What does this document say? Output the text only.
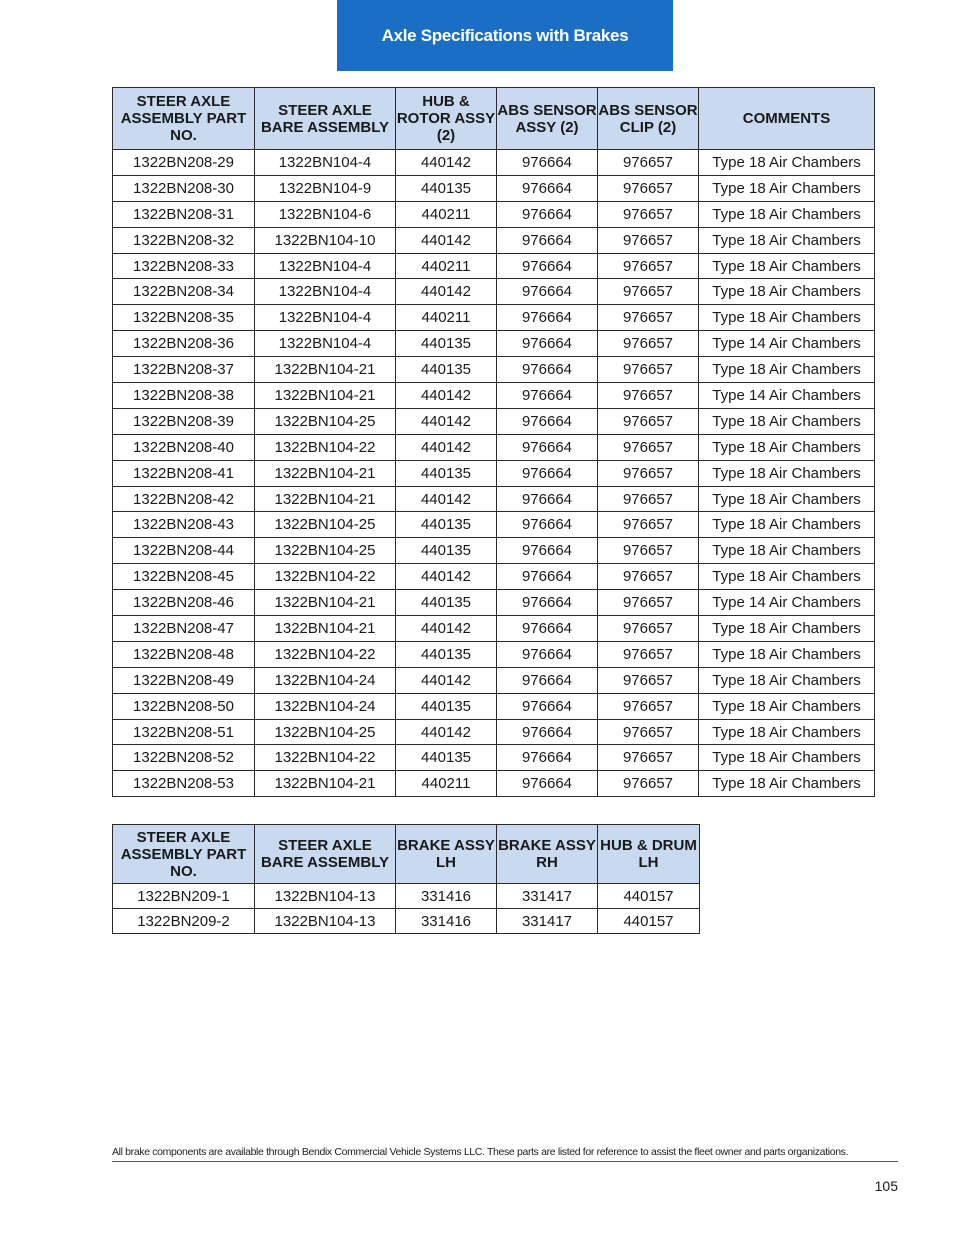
Axle Specifications with Brakes
STEER AXLE ASSEMBLY PART NO.	STEER AXLE BARE ASSEMBLY	HUB & ROTOR ASSY (2)	ABS SENSOR ASSY (2)	ABS SENSOR CLIP (2)	COMMENTS
1322BN208-29	1322BN104-4	440142	976664	976657	Type 18 Air Chambers
1322BN208-30	1322BN104-9	440135	976664	976657	Type 18 Air Chambers
1322BN208-31	1322BN104-6	440211	976664	976657	Type 18 Air Chambers
1322BN208-32	1322BN104-10	440142	976664	976657	Type 18 Air Chambers
1322BN208-33	1322BN104-4	440211	976664	976657	Type 18 Air Chambers
1322BN208-34	1322BN104-4	440142	976664	976657	Type 18 Air Chambers
1322BN208-35	1322BN104-4	440211	976664	976657	Type 18 Air Chambers
1322BN208-36	1322BN104-4	440135	976664	976657	Type 14 Air Chambers
1322BN208-37	1322BN104-21	440135	976664	976657	Type 18 Air Chambers
1322BN208-38	1322BN104-21	440142	976664	976657	Type 14 Air Chambers
1322BN208-39	1322BN104-25	440142	976664	976657	Type 18 Air Chambers
1322BN208-40	1322BN104-22	440142	976664	976657	Type 18 Air Chambers
1322BN208-41	1322BN104-21	440135	976664	976657	Type 18 Air Chambers
1322BN208-42	1322BN104-21	440142	976664	976657	Type 18 Air Chambers
1322BN208-43	1322BN104-25	440135	976664	976657	Type 18 Air Chambers
1322BN208-44	1322BN104-25	440135	976664	976657	Type 18 Air Chambers
1322BN208-45	1322BN104-22	440142	976664	976657	Type 18 Air Chambers
1322BN208-46	1322BN104-21	440135	976664	976657	Type 14 Air Chambers
1322BN208-47	1322BN104-21	440142	976664	976657	Type 18 Air Chambers
1322BN208-48	1322BN104-22	440135	976664	976657	Type 18 Air Chambers
1322BN208-49	1322BN104-24	440142	976664	976657	Type 18 Air Chambers
1322BN208-50	1322BN104-24	440135	976664	976657	Type 18 Air Chambers
1322BN208-51	1322BN104-25	440142	976664	976657	Type 18 Air Chambers
1322BN208-52	1322BN104-22	440135	976664	976657	Type 18 Air Chambers
1322BN208-53	1322BN104-21	440211	976664	976657	Type 18 Air Chambers
STEER AXLE ASSEMBLY PART NO.	STEER AXLE BARE ASSEMBLY	BRAKE ASSY LH	BRAKE ASSY RH	HUB & DRUM LH
1322BN209-1	1322BN104-13	331416	331417	440157
1322BN209-2	1322BN104-13	331416	331417	440157
All brake components are available through Bendix Commercial Vehicle Systems LLC. These parts are listed for reference to assist the fleet owner and parts organizations.
105
